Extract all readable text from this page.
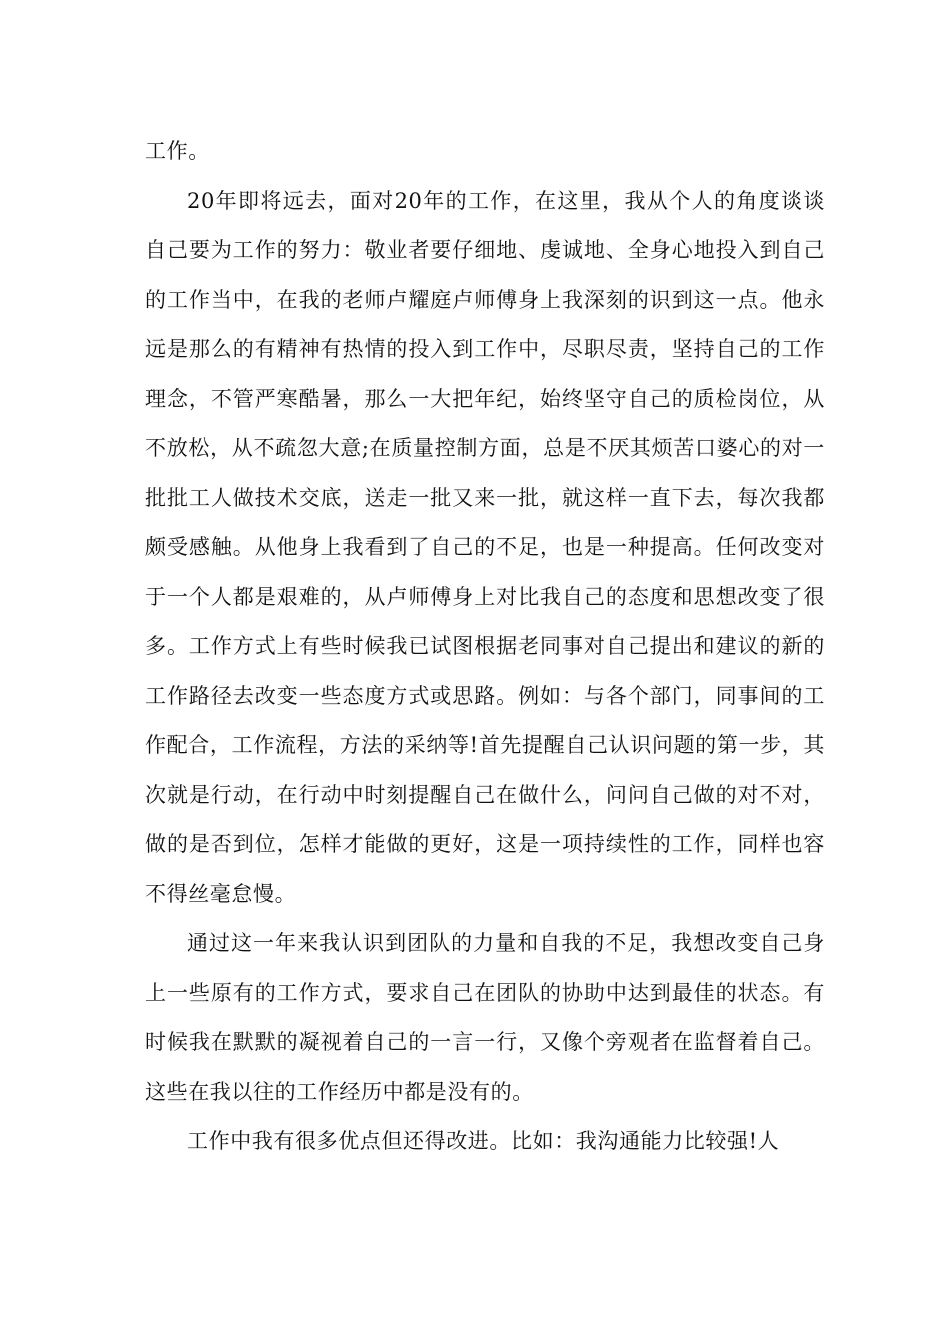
工作。

20年即将远去，面对20年的工作，在这里，我从个人的角度谈谈自己要为工作的努力：敬业者要仔细地、虔诚地、全身心地投入到自己的工作当中，在我的老师卢耀庭卢师傅身上我深刻的识到这一点。他永远是那么的有精神有热情的投入到工作中，尽职尽责，坚持自己的工作理念，不管严寒酷暑，那么一大把年纪，始终坚守自己的质检岗位，从不放松，从不疏忽大意;在质量控制方面，总是不厌其烦苦口婆心的对一批批工人做技术交底，送走一批又来一批，就这样一直下去，每次我都颇受感触。从他身上我看到了自己的不足，也是一种提高。任何改变对于一个人都是艰难的，从卢师傅身上对比我自己的态度和思想改变了很多。工作方式上有些时候我已试图根据老同事对自己提出和建议的新的工作路径去改变一些态度方式或思路。例如：与各个部门，同事间的工作配合，工作流程，方法的采纳等!首先提醒自己认识问题的第一步，其次就是行动，在行动中时刻提醒自己在做什么，问问自己做的对不对，做的是否到位，怎样才能做的更好，这是一项持续性的工作，同样也容不得丝毫怠慢。

通过这一年来我认识到团队的力量和自我的不足，我想改变自己身上一些原有的工作方式，要求自己在团队的协助中达到最佳的状态。有时候我在默默的凝视着自己的一言一行，又像个旁观者在监督着自己。这些在我以往的工作经历中都是没有的。

工作中我有很多优点但还得改进。比如：我沟通能力比较强!人
